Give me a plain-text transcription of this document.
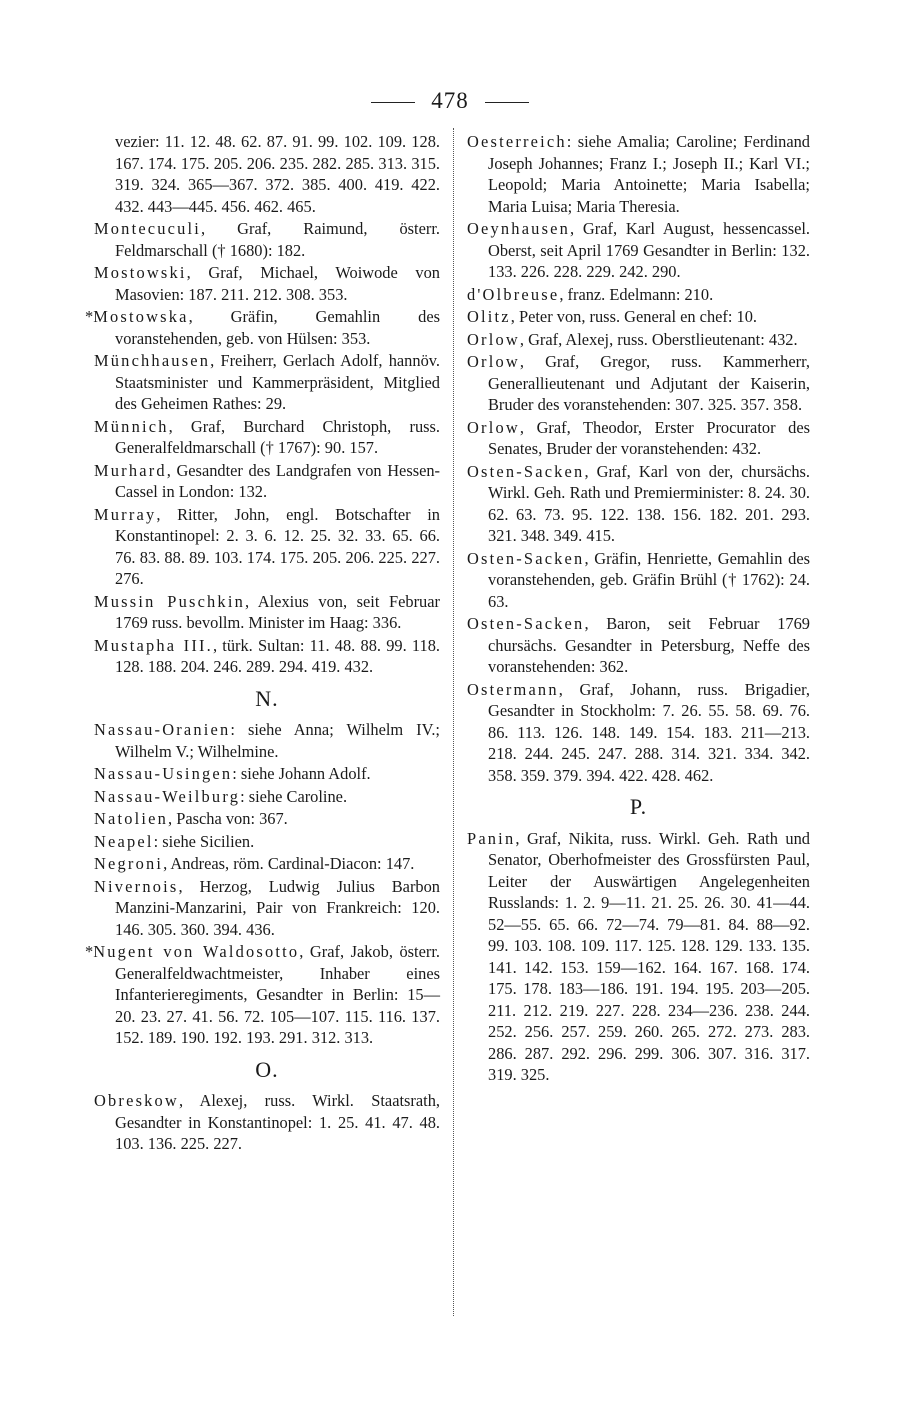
478
vezier: 11. 12. 48. 62. 87. 91. 99. 102. 109. 128. 167. 174. 175. 205. 206. 235. 282. 285. 313. 315. 319. 324. 365—367. 372. 385. 400. 419. 422. 432. 443—445. 456. 462. 465.
Montecuculi, Graf, Raimund, österr. Feldmarschall († 1680): 182.
Mostowski, Graf, Michael, Woiwode von Masovien: 187. 211. 212. 308. 353.
*Mostowska, Gräfin, Gemahlin des voranstehenden, geb. von Hülsen: 353.
Münchhausen, Freiherr, Gerlach Adolf, hannöv. Staatsminister und Kammerpräsident, Mitglied des Geheimen Rathes: 29.
Münnich, Graf, Burchard Christoph, russ. Generalfeldmarschall († 1767): 90. 157.
Murhard, Gesandter des Landgrafen von Hessen-Cassel in London: 132.
Murray, Ritter, John, engl. Botschafter in Konstantinopel: 2. 3. 6. 12. 25. 32. 33. 65. 66. 76. 83. 88. 89. 103. 174. 175. 205. 206. 225. 227. 276.
Mussin Puschkin, Alexius von, seit Februar 1769 russ. bevollm. Minister im Haag: 336.
Mustapha III., türk. Sultan: 11. 48. 88. 99. 118. 128. 188. 204. 246. 289. 294. 419. 432.
N.
Nassau-Oranien: siehe Anna; Wilhelm IV.; Wilhelm V.; Wilhelmine.
Nassau-Usingen: siehe Johann Adolf.
Nassau-Weilburg: siehe Caroline.
Natolien, Pascha von: 367.
Neapel: siehe Sicilien.
Negroni, Andreas, röm. Cardinal-Diacon: 147.
Nivernois, Herzog, Ludwig Julius Barbon Manzini-Manzarini, Pair von Frankreich: 120. 146. 305. 360. 394. 436.
*Nugent von Waldosotto, Graf, Jakob, österr. Generalfeldwachtmeister, Inhaber eines Infanterieregiments, Gesandter in Berlin: 15—20. 23. 27. 41. 56. 72. 105—107. 115. 116. 137. 152. 189. 190. 192. 193. 291. 312. 313.
O.
Obreskow, Alexej, russ. Wirkl. Staatsrath, Gesandter in Konstantinopel: 1. 25. 41. 47. 48. 103. 136. 225. 227.
Oesterreich: siehe Amalia; Caroline; Ferdinand Joseph Johannes; Franz I.; Joseph II.; Karl VI.; Leopold; Maria Antoinette; Maria Isabella; Maria Luisa; Maria Theresia.
Oeynhausen, Graf, Karl August, hessencassel. Oberst, seit April 1769 Gesandter in Berlin: 132. 133. 226. 228. 229. 242. 290.
d'Olbreuse, franz. Edelmann: 210.
Olitz, Peter von, russ. General en chef: 10.
Orlow, Graf, Alexej, russ. Oberstlieutenant: 432.
Orlow, Graf, Gregor, russ. Kammerherr, Generallieutenant und Adjutant der Kaiserin, Bruder des voranstehenden: 307. 325. 357. 358.
Orlow, Graf, Theodor, Erster Procurator des Senates, Bruder der voranstehenden: 432.
Osten-Sacken, Graf, Karl von der, chursächs. Wirkl. Geh. Rath und Premierminister: 8. 24. 30. 62. 63. 73. 95. 122. 138. 156. 182. 201. 293. 321. 348. 349. 415.
Osten-Sacken, Gräfin, Henriette, Gemahlin des voranstehenden, geb. Gräfin Brühl († 1762): 24. 63.
Osten-Sacken, Baron, seit Februar 1769 chursächs. Gesandter in Petersburg, Neffe des voranstehenden: 362.
Ostermann, Graf, Johann, russ. Brigadier, Gesandter in Stockholm: 7. 26. 55. 58. 69. 76. 86. 113. 126. 148. 149. 154. 183. 211—213. 218. 244. 245. 247. 288. 314. 321. 334. 342. 358. 359. 379. 394. 422. 428. 462.
P.
Panin, Graf, Nikita, russ. Wirkl. Geh. Rath und Senator, Oberhofmeister des Grossfürsten Paul, Leiter der Auswärtigen Angelegenheiten Russlands: 1. 2. 9—11. 21. 25. 26. 30. 41—44. 52—55. 65. 66. 72—74. 79—81. 84. 88—92. 99. 103. 108. 109. 117. 125. 128. 129. 133. 135. 141. 142. 153. 159—162. 164. 167. 168. 174. 175. 178. 183—186. 191. 194. 195. 203—205. 211. 212. 219. 227. 228. 234—236. 238. 244. 252. 256. 257. 259. 260. 265. 272. 273. 283. 286. 287. 292. 296. 299. 306. 307. 316. 317. 319. 325.
